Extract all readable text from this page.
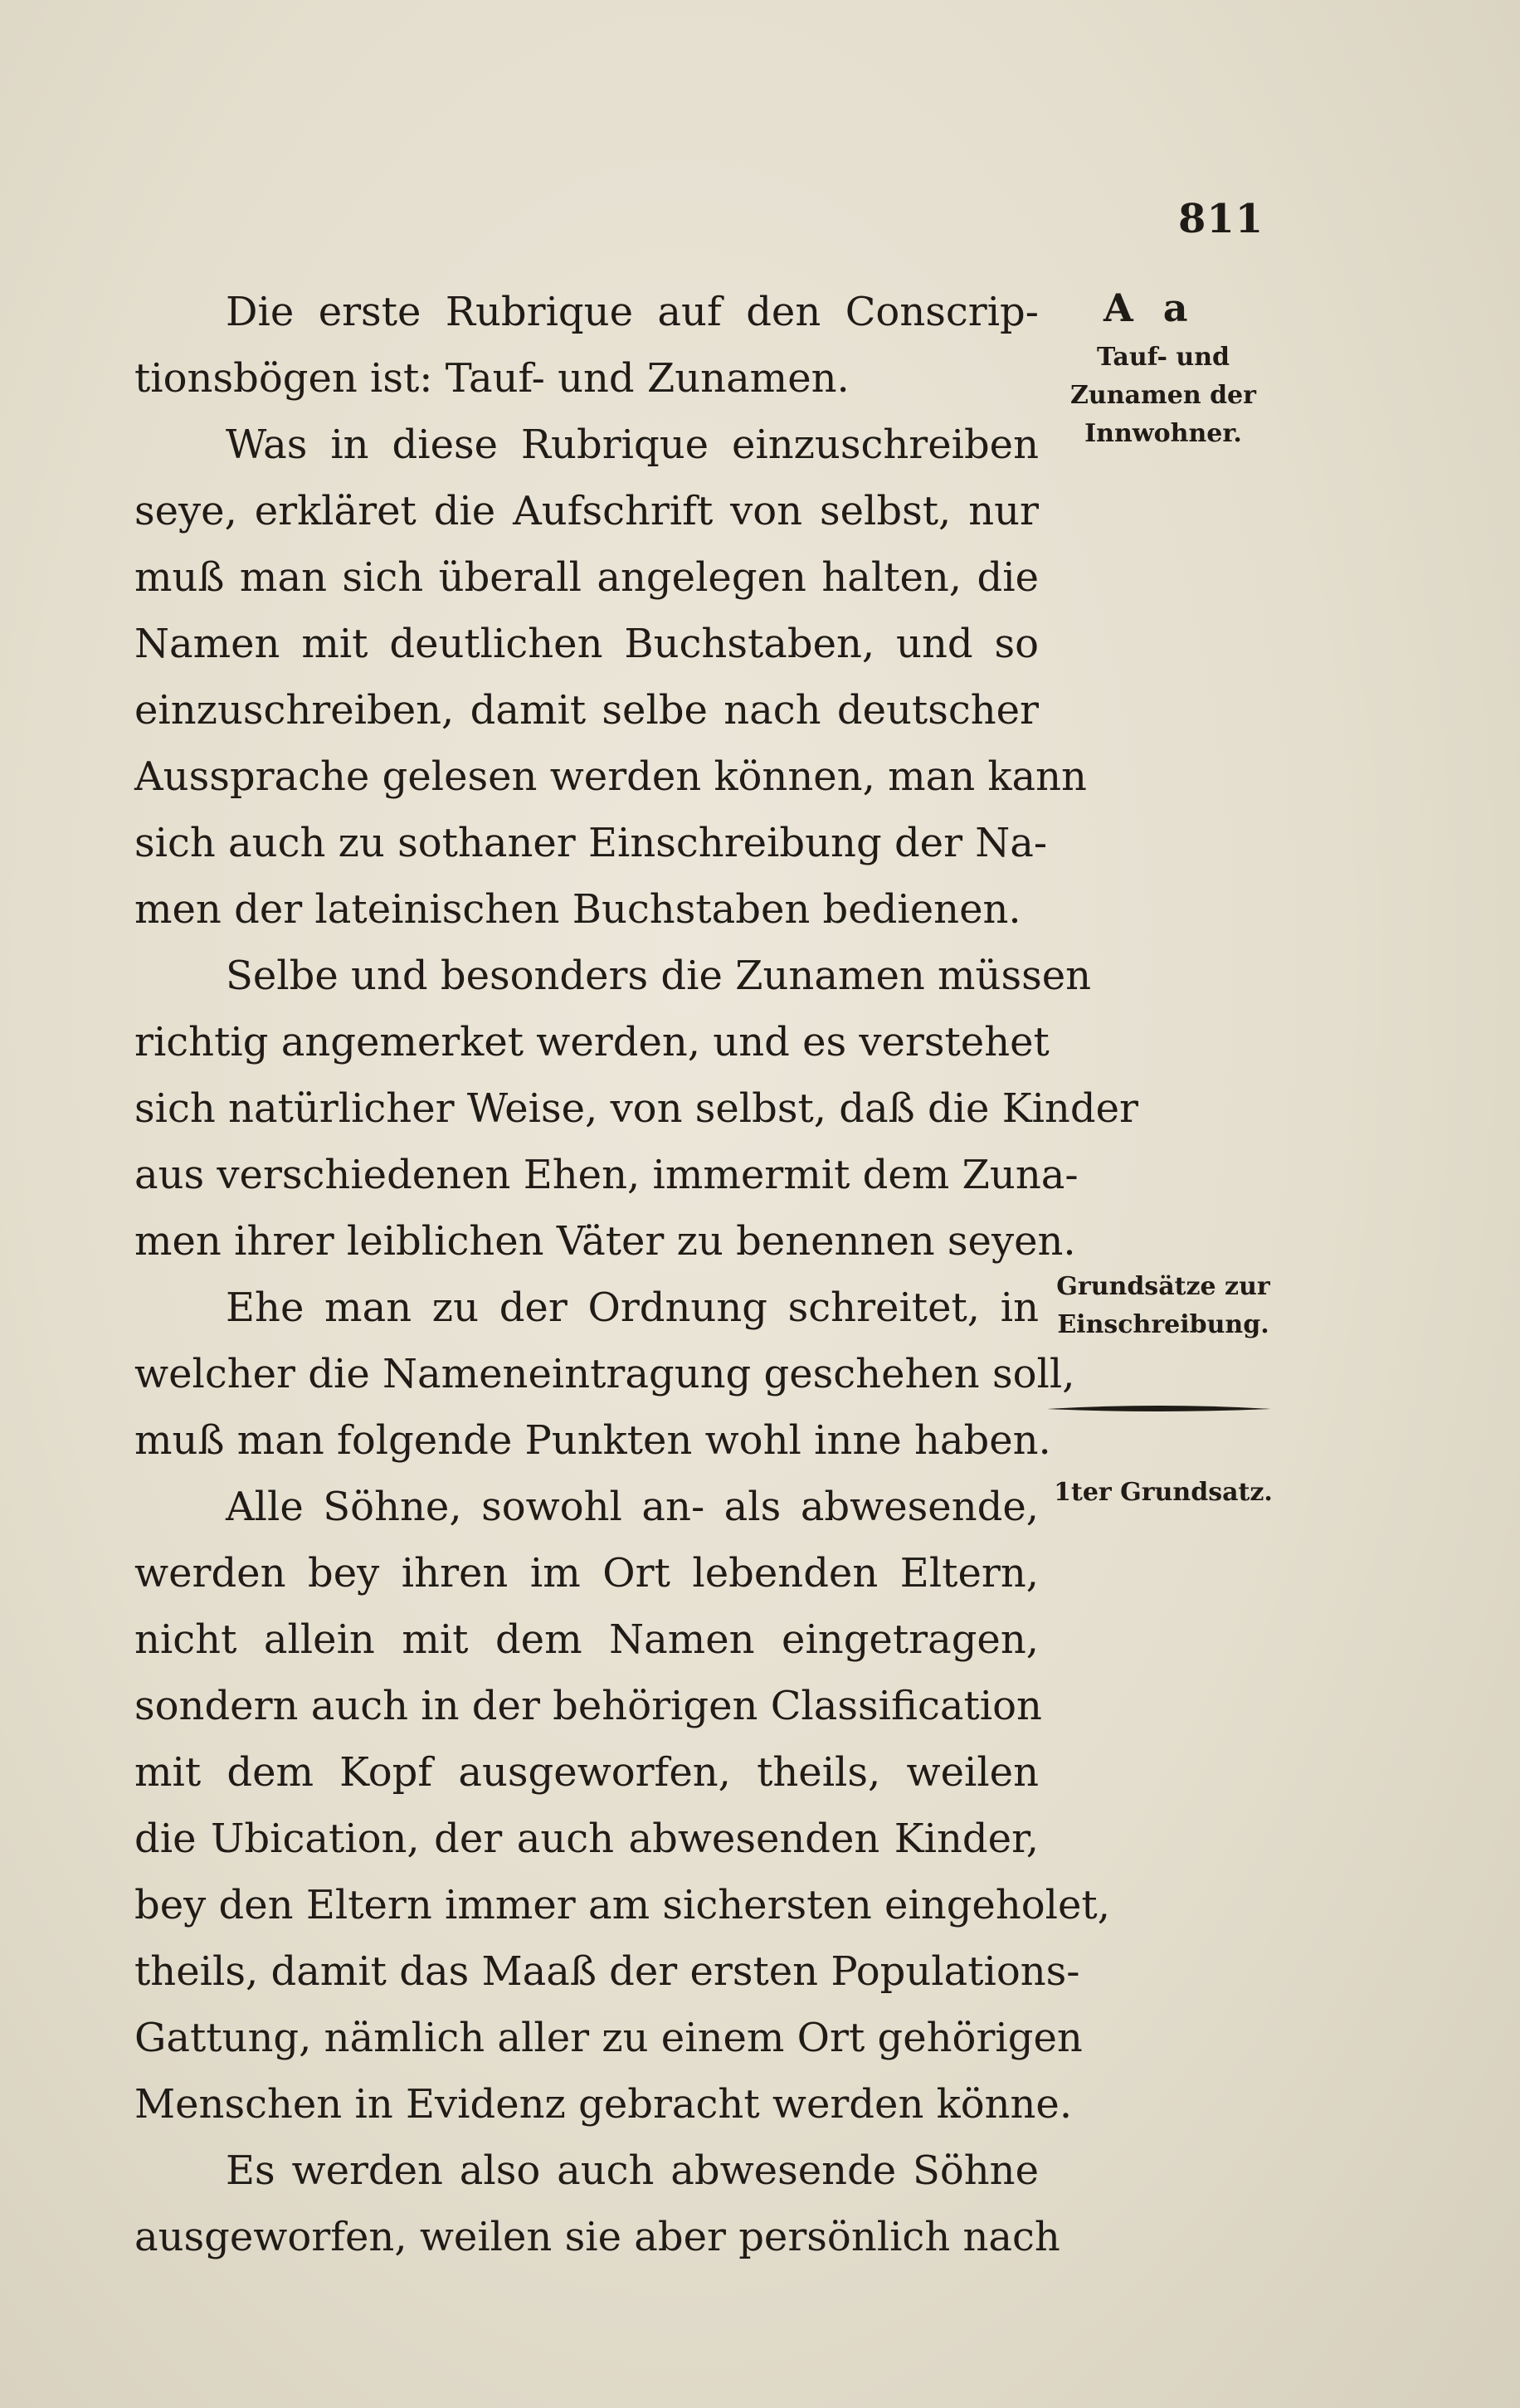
811
A a
Tauf- und Zunamen der Innwohner.
Grundsätze zur Einschreibung.
1ter Grundsatz.
Die erste Rubrique auf den Conscrip-
tionsbögen ist: Tauf- und Zunamen.
Was in diese Rubrique einzuschreiben
seye, erkläret die Aufschrift von selbst, nur
muß man sich überall angelegen halten, die
Namen mit deutlichen Buchstaben, und so
einzuschreiben, damit selbe nach deutscher
Aussprache gelesen werden können, man kann
sich auch zu sothaner Einschreibung der Na-
men der lateinischen Buchstaben bedienen.
Selbe und besonders die Zunamen müssen
richtig angemerket werden, und es verstehet
sich natürlicher Weise, von selbst, daß die Kinder
aus verschiedenen Ehen, immermit dem Zuna-
men ihrer leiblichen Väter zu benennen seyen.
Ehe man zu der Ordnung schreitet, in
welcher die Nameneintragung geschehen soll,
muß man folgende Punkten wohl inne haben.
Alle Söhne, sowohl an- als abwesende,
werden bey ihren im Ort lebenden Eltern,
nicht allein mit dem Namen eingetragen,
sondern auch in der behörigen Classification
mit dem Kopf ausgeworfen, theils, weilen
die Ubication, der auch abwesenden Kinder,
bey den Eltern immer am sichersten eingeholet,
theils, damit das Maaß der ersten Populations-
Gattung, nämlich aller zu einem Ort gehörigen
Menschen in Evidenz gebracht werden könne.
Es werden also auch abwesende Söhne
ausgeworfen, weilen sie aber persönlich nach
